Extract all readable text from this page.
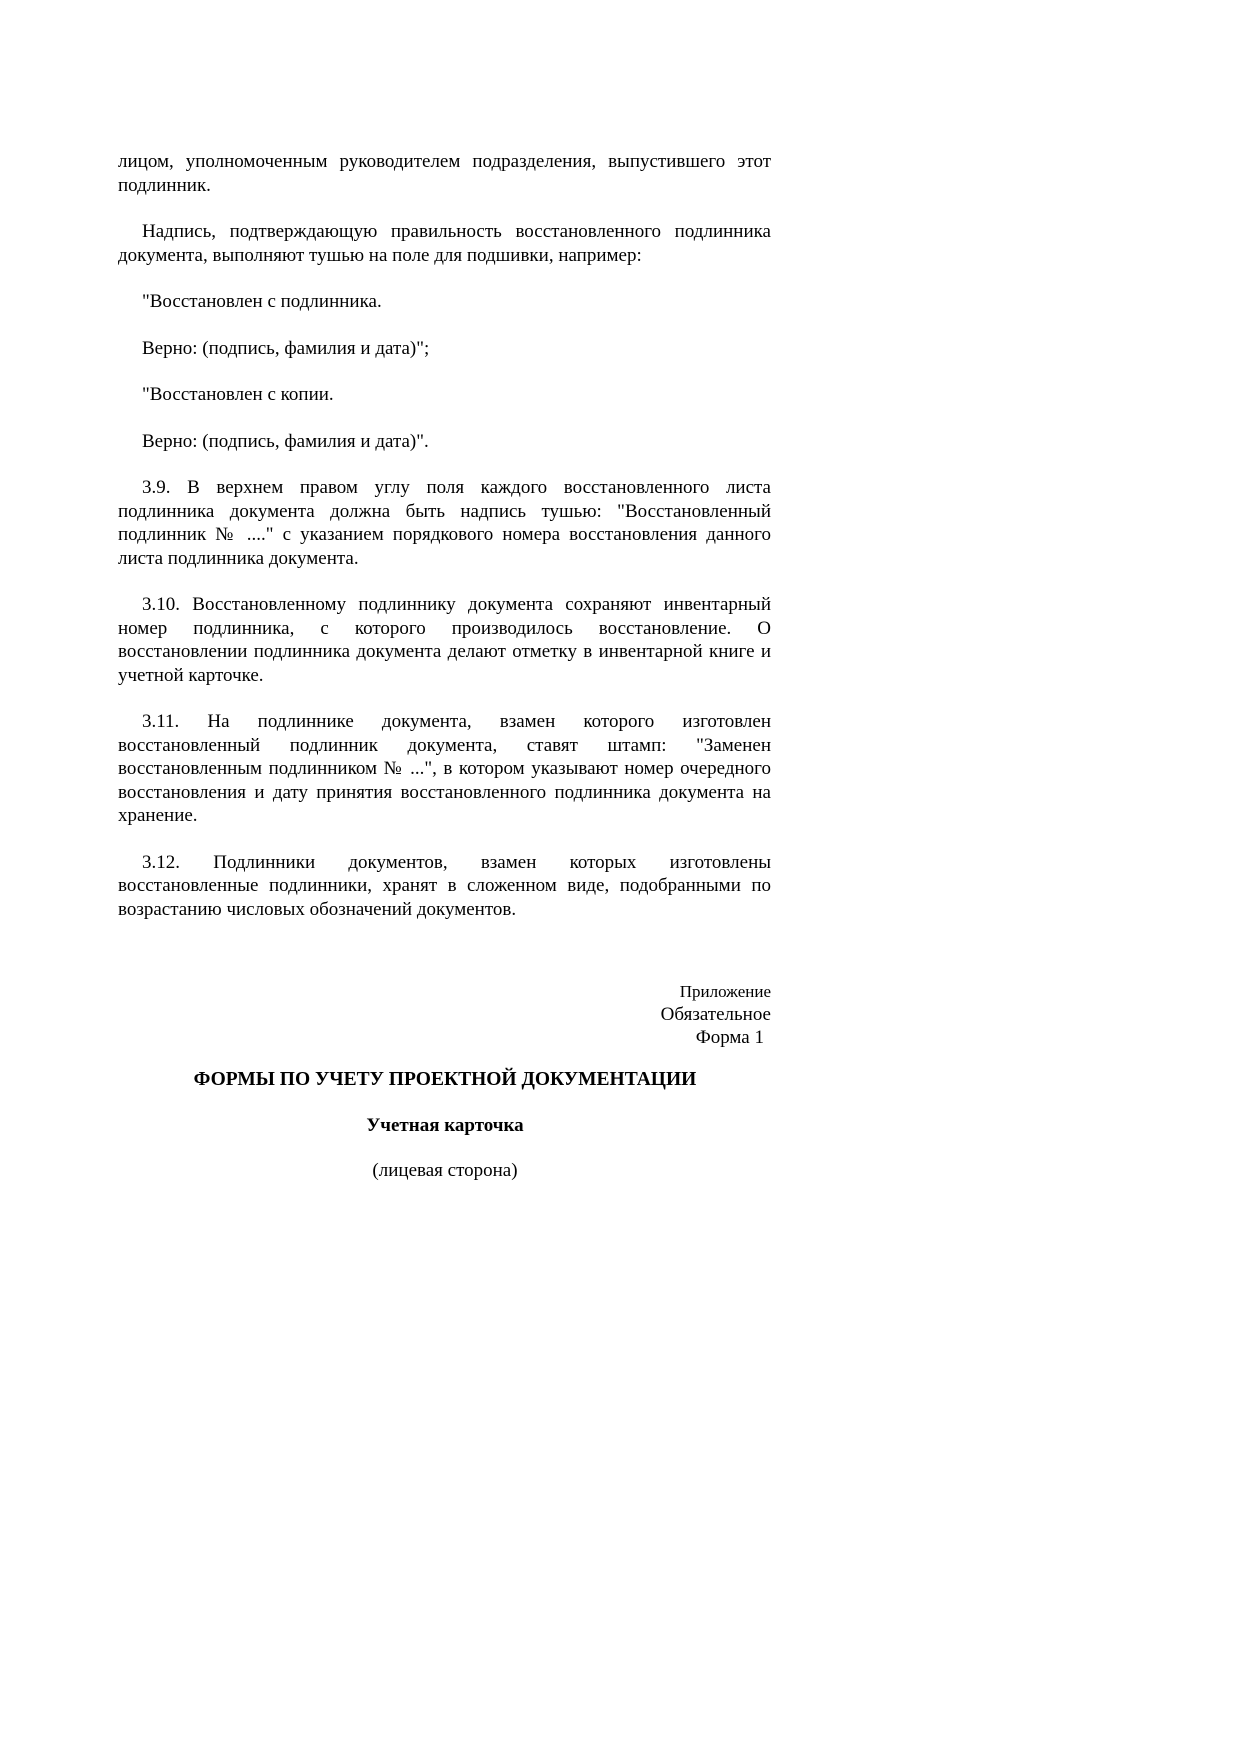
лицом, уполномоченным руководителем подразделения, выпустившего этот подлинник.

Надпись, подтверждающую правильность восстановленного подлинника документа, выполняют тушью на поле для подшивки, например:

"Восстановлен с подлинника.

Верно: (подпись, фамилия и дата)";

"Восстановлен с копии.

Верно: (подпись, фамилия и дата)".

3.9. В верхнем правом углу поля каждого восстановленного листа подлинника документа должна быть надпись тушью: "Восстановленный подлинник № ...." с указанием порядкового номера восстановления данного листа подлинника документа.

3.10. Восстановленному подлиннику документа сохраняют инвентарный номер подлинника, с которого производилось восстановление. О восстановлении подлинника документа делают отметку в инвентарной книге и учетной карточке.

3.11. На подлиннике документа, взамен которого изготовлен восстановленный подлинник документа, ставят штамп: "Заменен восстановленным подлинником № ...", в котором указывают номер очередного восстановления и дату принятия восстановленного подлинника документа на хранение.

3.12. Подлинники документов, взамен которых изготовлены восстановленные подлинники, хранят в сложенном виде, подобранными по возрастанию числовых обозначений документов.

Приложение
Обязательное
Форма 1
ФОРМЫ ПО УЧЕТУ ПРОЕКТНОЙ ДОКУМЕНТАЦИИ
Учетная карточка
(лицевая сторона)
